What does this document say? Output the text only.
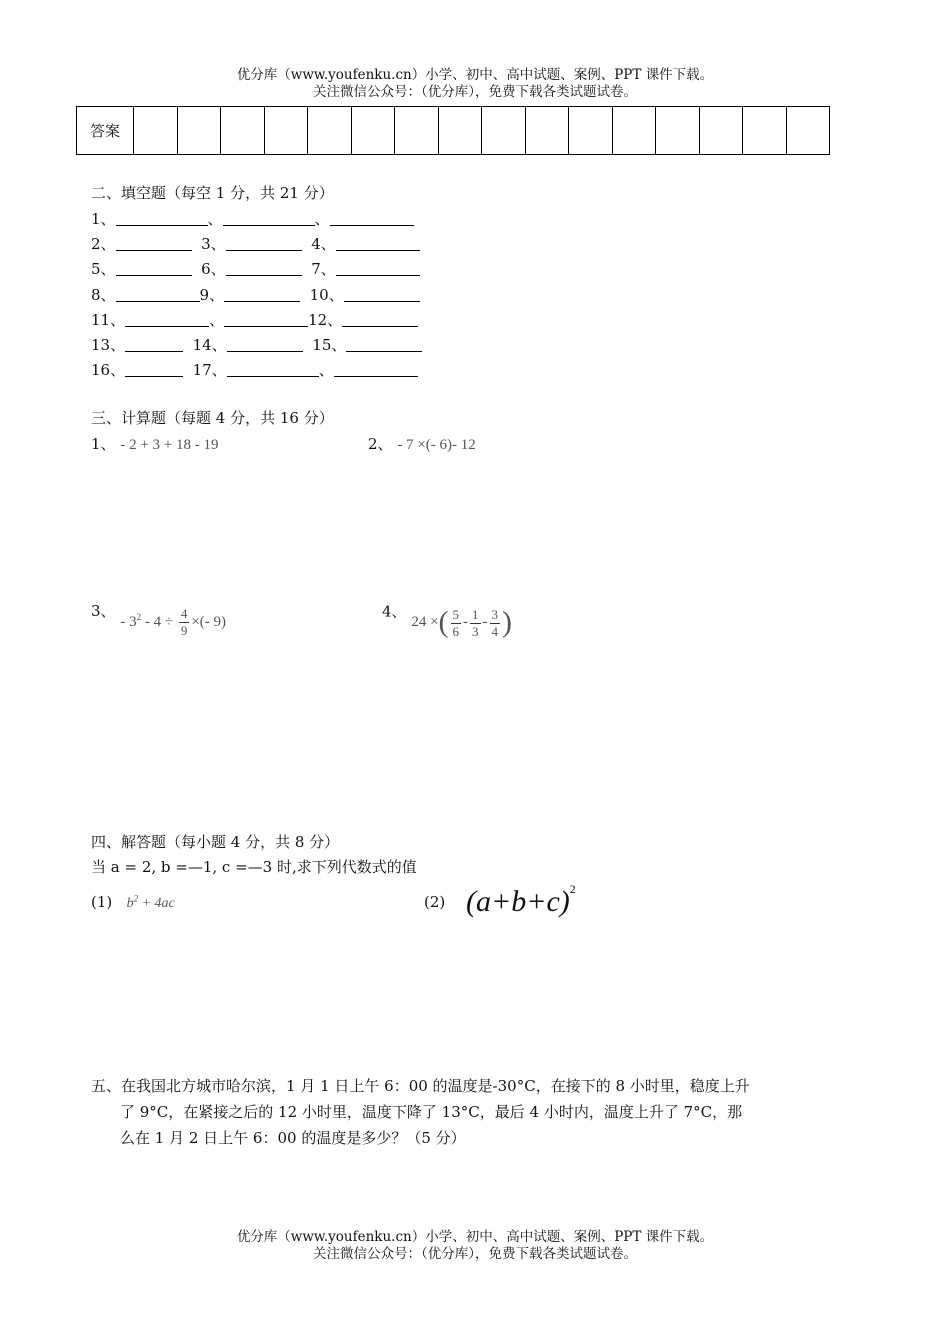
优分库（www.youfenku.cn）小学、初中、高中试题、案例、PPT 课件下载。
关注微信公众号：（优分库），免费下载各类试题试卷。
答案																
二、填空题（每空 1 分，共 21 分）
1、	、	、
2、	3、	4、
5、	6、	7、
8、	9、	10、
11、	、	12、
13、	14、	15、
16、	17、	、
三、计算题（每题 4 分，共 16 分）
1、 - 2 + 3 + 18 - 19	2、 - 7 ×(- 6)- 12
3、 - $3^2 - 4 \div \frac{4}{9}$ ×(- 9)
4、 24 ×( $\frac{5}{6} - \frac{1}{3} - \frac{3}{4}$ )
四、解答题（每小题 4 分，共 8 分）
当 a = 2, b =—1, c =—3 时,求下列代数式的值
(1) $b^2 + 4ac$	(2) $(a+b+c)^2$
五、在我国北方城市哈尔滨，1 月 1 日上午 6：00 的温度是-30°C，在接下的 8 小时里，稳度上升
了 9°C，在紧接之后的 12 小时里，温度下降了 13°C，最后 4 小时内，温度上升了 7°C，那
么在 1 月 2 日上午 6：00 的温度是多少？（5 分）
优分库（www.youfenku.cn）小学、初中、高中试题、案例、PPT 课件下载。
关注微信公众号：（优分库），免费下载各类试题试卷。
